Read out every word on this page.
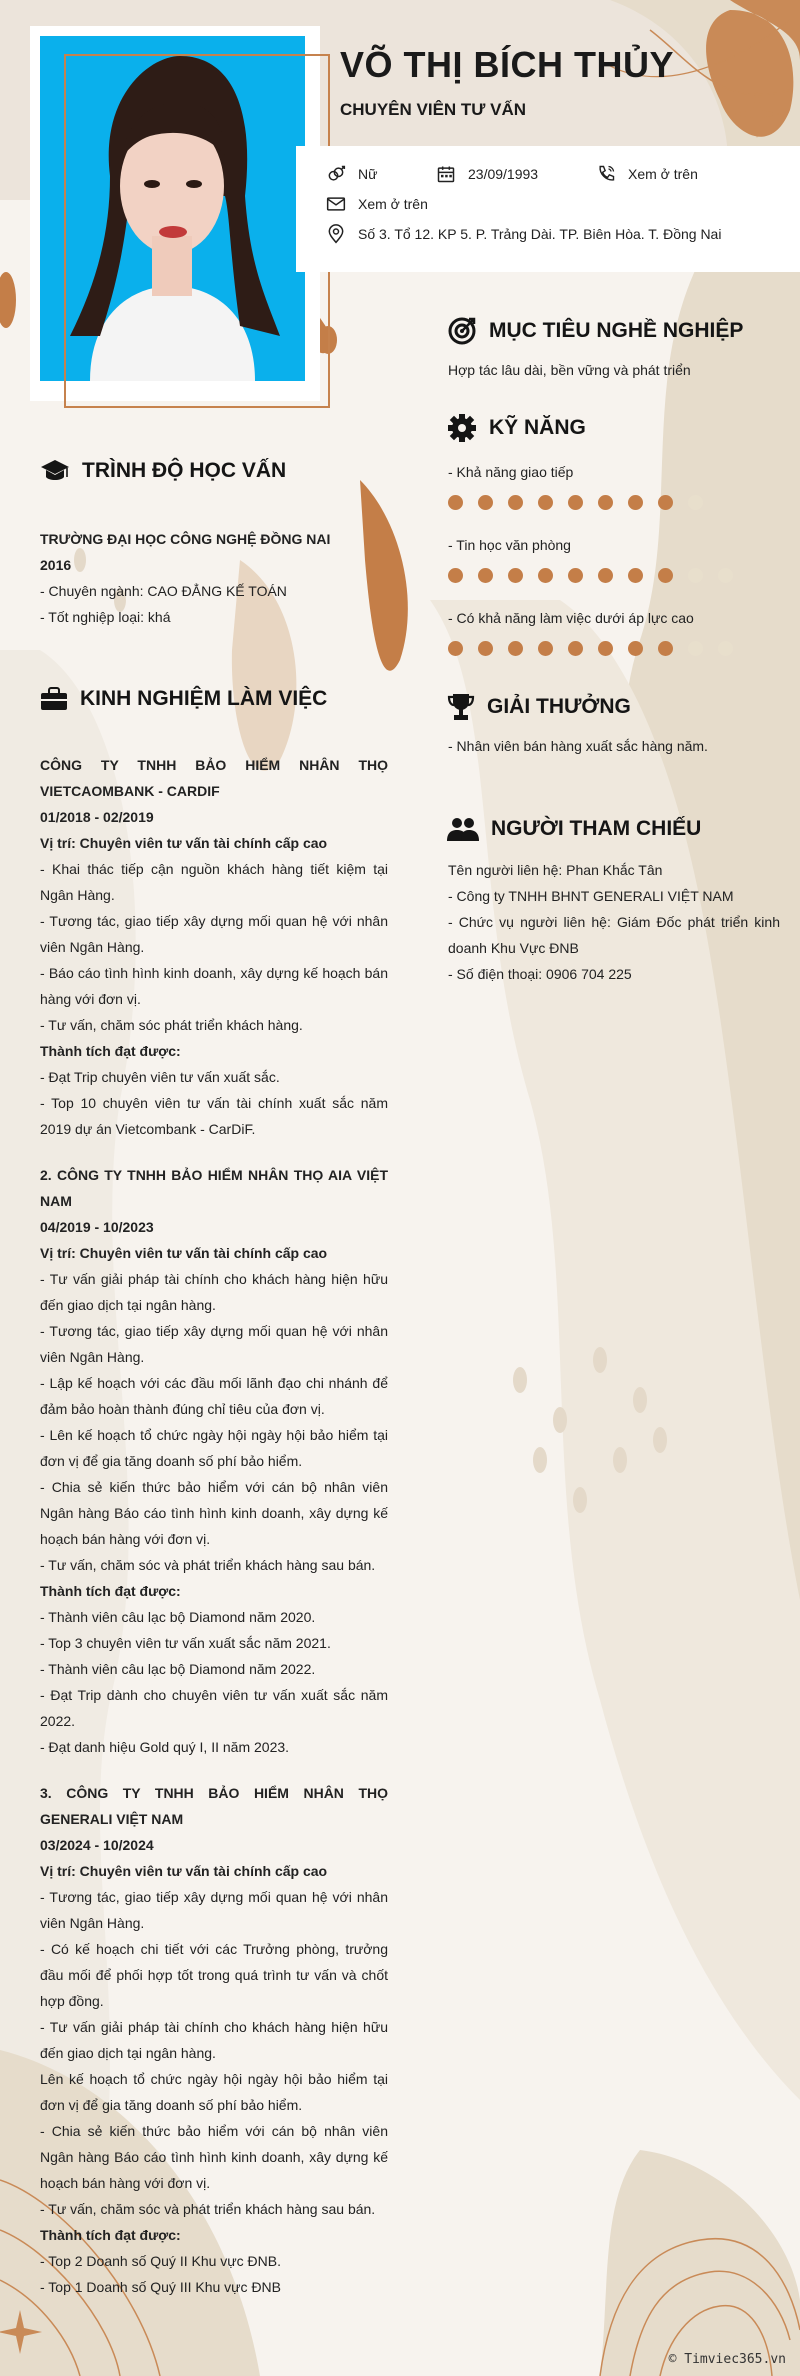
VÕ THỊ BÍCH THỦY
CHUYÊN VIÊN TƯ VẤN
Nữ	23/09/1993	Xem ở trên
Xem ở trên
Số 3. Tổ 12. KP 5. P. Trảng Dài. TP. Biên Hòa. T. Đồng Nai
TRÌNH ĐỘ HỌC VẤN
TRƯỜNG ĐẠI HỌC CÔNG NGHỆ ĐỒNG NAI
2016
- Chuyên ngành: CAO ĐẲNG KẾ TOÁN
- Tốt nghiệp loại: khá
KINH NGHIỆM LÀM VIỆC
CÔNG TY TNHH BẢO HIỂM NHÂN THỌ VIETCAOMBANK - CARDIF
01/2018 - 02/2019
Vị trí: Chuyên viên tư vấn tài chính cấp cao
- Khai thác tiếp cận nguồn khách hàng tiết kiệm tại Ngân Hàng.
- Tương tác, giao tiếp xây dựng mối quan hệ với nhân viên Ngân Hàng.
- Báo cáo tình hình kinh doanh, xây dựng kế hoạch bán hàng với đơn vị.
- Tư vấn, chăm sóc phát triển khách hàng.
Thành tích đạt được:
- Đạt Trip chuyên viên tư vấn xuất sắc.
- Top 10 chuyên viên tư vấn tài chính xuất sắc năm 2019 dự án Vietcombank - CarDiF.
2. CÔNG TY TNHH BẢO HIỂM NHÂN THỌ AIA VIỆT NAM
04/2019 - 10/2023
Vị trí: Chuyên viên tư vấn tài chính cấp cao
- Tư vấn giải pháp tài chính cho khách hàng hiện hữu đến giao dịch tại ngân hàng.
- Tương tác, giao tiếp xây dựng mối quan hệ với nhân viên Ngân Hàng.
- Lập kế hoạch với các đầu mối lãnh đạo chi nhánh để đảm bảo hoàn thành đúng chỉ tiêu của đơn vị.
- Lên kế hoạch tổ chức ngày hội ngày hội bảo hiểm tại đơn vị để gia tăng doanh số phí bảo hiểm.
- Chia sẻ kiến thức bảo hiểm với cán bộ nhân viên Ngân hàng Báo cáo tình hình kinh doanh, xây dựng kế hoạch bán hàng với đơn vị.
- Tư vấn, chăm sóc và phát triển khách hàng sau bán.
Thành tích đạt được:
- Thành viên câu lạc bộ Diamond năm 2020.
- Top 3 chuyên viên tư vấn xuất sắc năm 2021.
- Thành viên câu lạc bộ Diamond năm 2022.
- Đạt Trip dành cho chuyên viên tư vấn xuất sắc năm 2022.
- Đạt danh hiệu Gold quý I, II năm 2023.
3. CÔNG TY TNHH BẢO HIỂM NHÂN THỌ GENERALI VIỆT NAM
03/2024 - 10/2024
Vị trí: Chuyên viên tư vấn tài chính cấp cao
- Tương tác, giao tiếp xây dựng mối quan hệ với nhân viên Ngân Hàng.
- Có kế hoạch chi tiết với các Trưởng phòng, trưởng đầu mối để phối hợp tốt trong quá trình tư vấn và chốt hợp đồng.
- Tư vấn giải pháp tài chính cho khách hàng hiện hữu đến giao dịch tại ngân hàng.
Lên kế hoạch tổ chức ngày hội ngày hội bảo hiểm tại đơn vị để gia tăng doanh số phí bảo hiểm.
- Chia sẻ kiến thức bảo hiểm với cán bộ nhân viên Ngân hàng Báo cáo tình hình kinh doanh, xây dựng kế hoạch bán hàng với đơn vị.
- Tư vấn, chăm sóc và phát triển khách hàng sau bán.
Thành tích đạt được:
- Top 2 Doanh số Quý II Khu vực ĐNB.
- Top 1 Doanh số Quý III Khu vực ĐNB
MỤC TIÊU NGHỀ NGHIỆP
Hợp tác lâu dài, bền vững và phát triển
KỸ NĂNG
- Khả năng giao tiếp
- Tin học văn phòng
- Có khả năng làm việc dưới áp lực cao
GIẢI THƯỞNG
- Nhân viên bán hàng xuất sắc hàng năm.
NGƯỜI THAM CHIẾU
Tên người liên hệ: Phan Khắc Tân
- Công ty TNHH BHNT GENERALI VIỆT NAM
- Chức vụ người liên hệ: Giám Đốc phát triển kinh doanh Khu Vực ĐNB
- Số điện thoại: 0906 704 225
© Timviec365.vn
